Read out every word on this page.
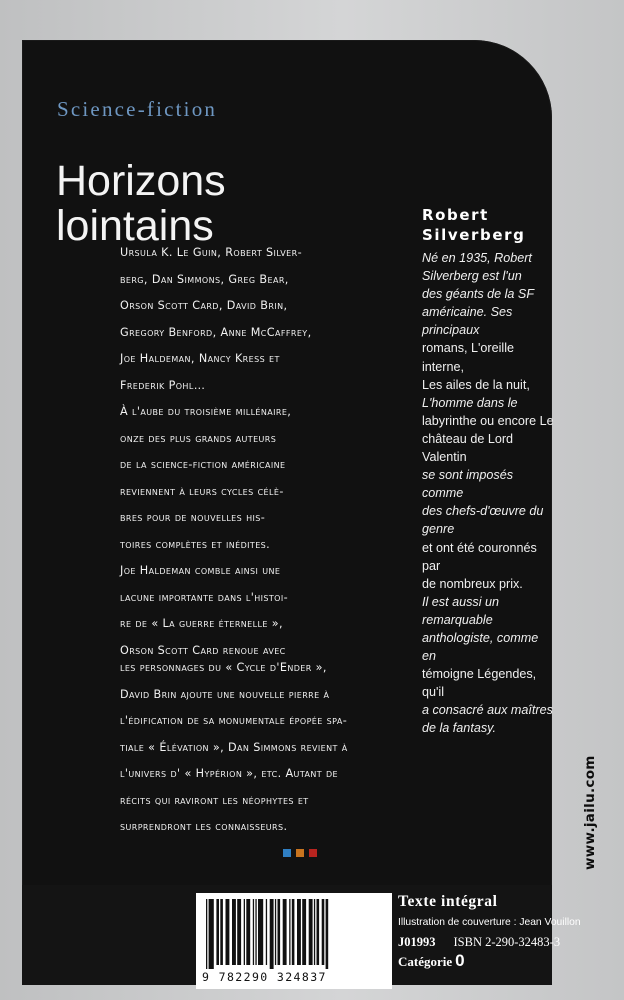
Science-fiction
Horizons
lointains	Robert
Silverberg

Né en 1935, Robert

Silverberg est l'un

des géants de la SF

américaine. Ses principaux

romans, L'oreille interne,

Les ailes de la nuit,

L'homme dans le

labyrinthe ou encore Le

château de Lord Valentin

se sont imposés comme

des chefs-d'œuvre du genre

et ont été couronnés par

de nombreux prix.

Il est aussi un remarquable

anthologiste, comme en

témoigne Légendes, qu'il

a consacré aux maîtres

de la fantasy.

Ursula K. Le Guin, Robert Silver-
berg, Dan Simmons, Greg Bear,
Orson Scott Card, David Brin,
Gregory Benford, Anne McCaffrey,
Joe Haldeman, Nancy Kress et
Frederik Pohl…
À l'aube du troisième millénaire,
onze des plus grands auteurs
de la science-fiction américaine
reviennent à leurs cycles célè-
bres pour de nouvelles his-
toires complètes et inédites.
Joe Haldeman comble ainsi une
lacune importante dans l'histoi-
re de « La guerre éternelle »,
Orson Scott Card renoue avec
les personnages du « Cycle d'Ender »,
David Brin ajoute une nouvelle pierre à
l'édification de sa monumentale épopée spa-
tiale « Élévation », Dan Simmons revient à
l'univers d' « Hypérion », etc. Autant de
récits qui raviront les néophytes et
surprendront les connaisseurs.	www.jailu.com
9 782290 324837
Texte intégral
Illustration de couverture : Jean Vouillon
J01993 ISBN 2-290-32483-3
Catégorie 0
